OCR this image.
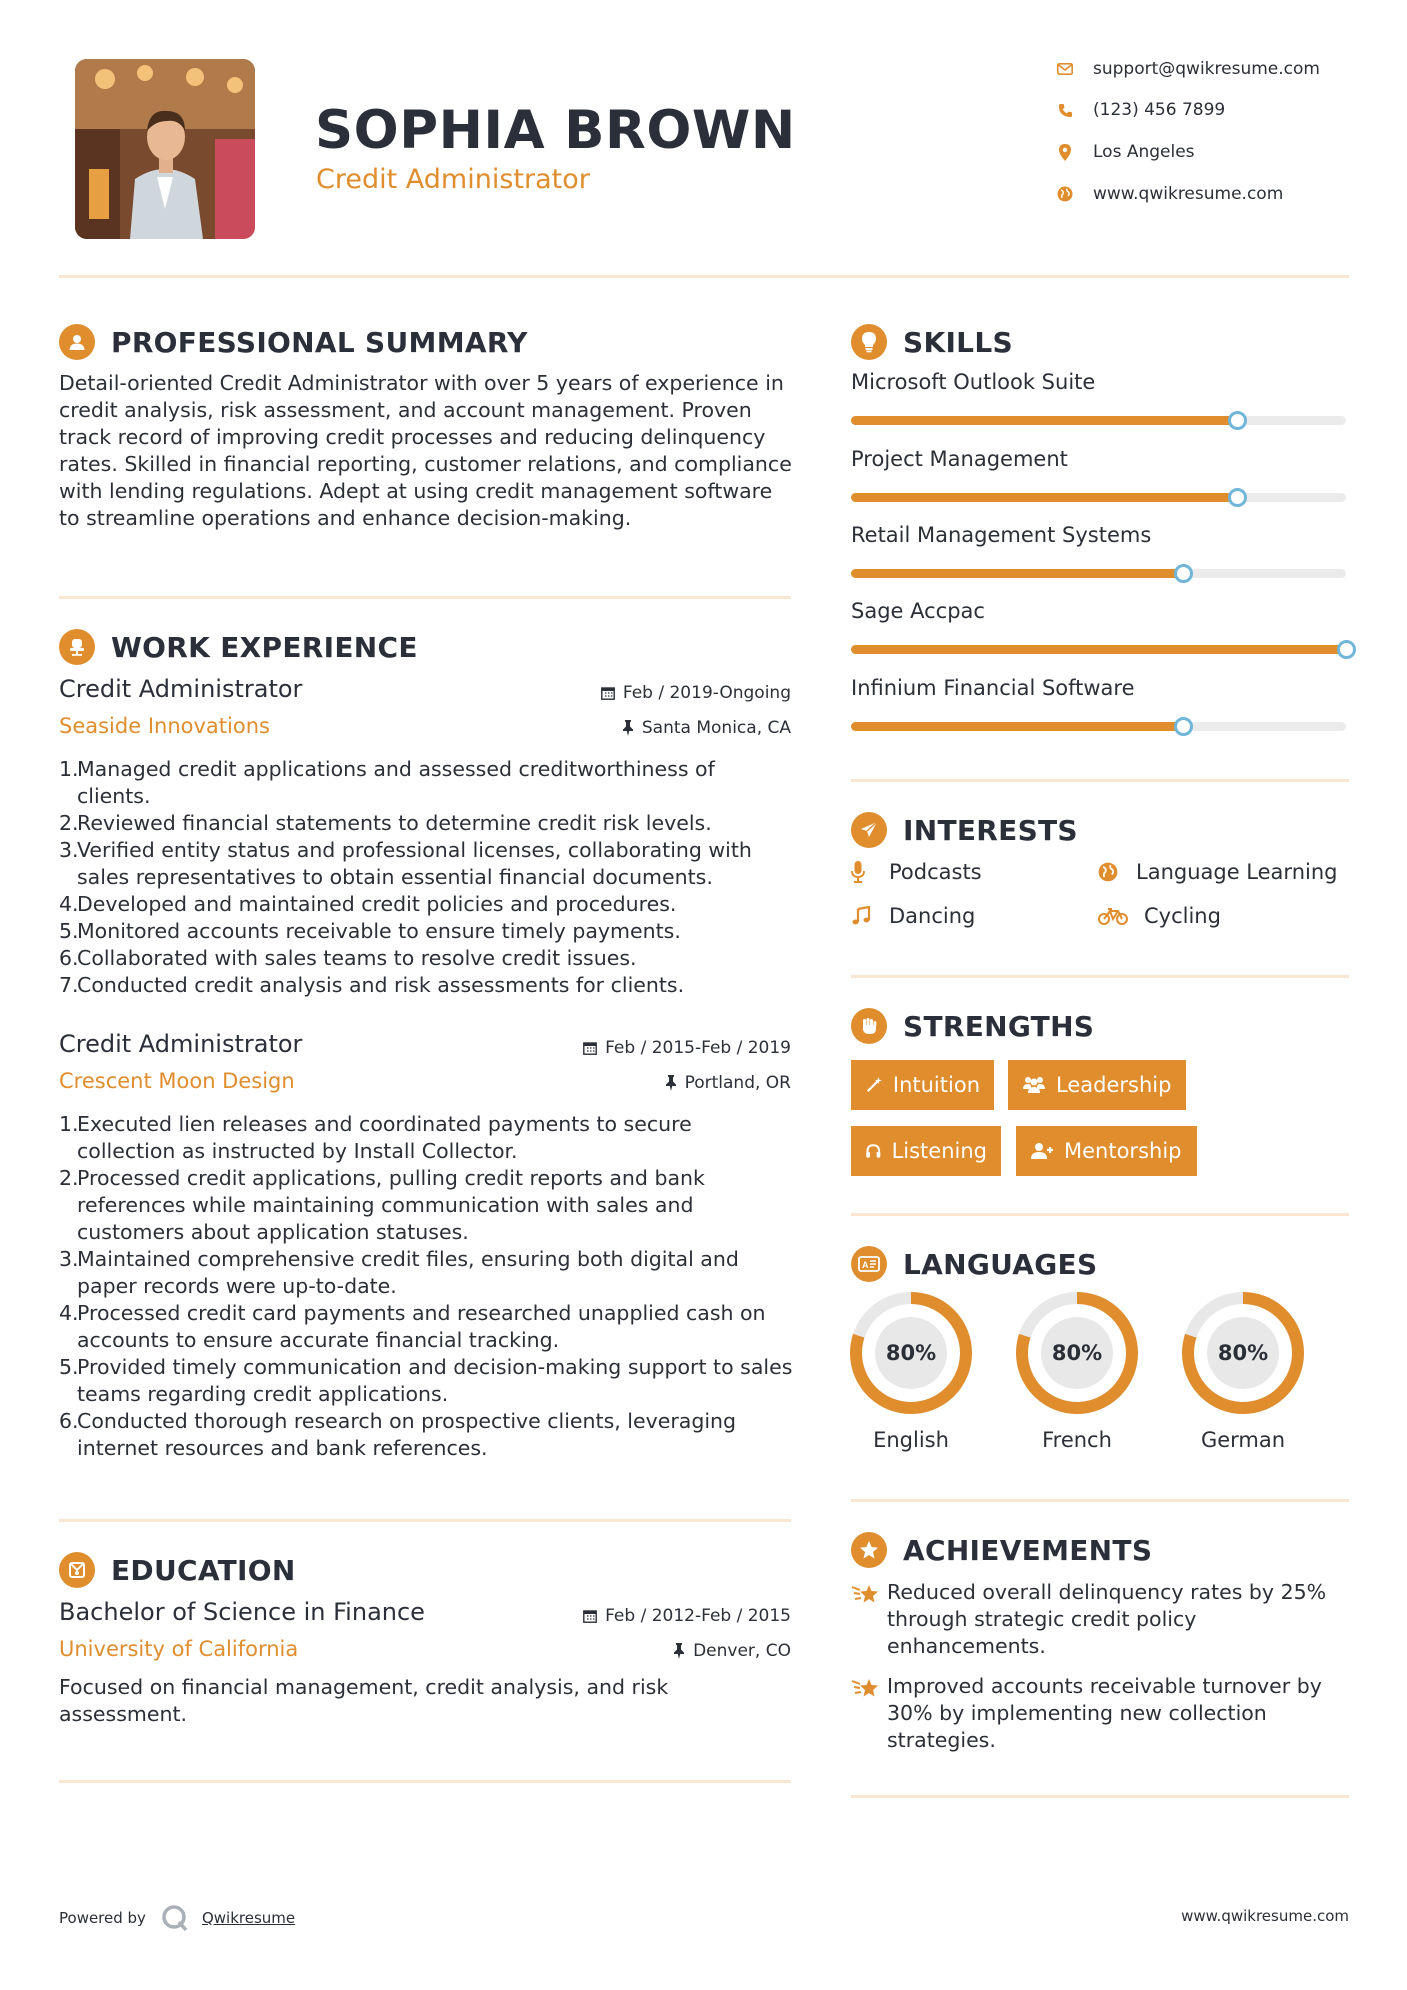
SOPHIA BROWN
Credit Administrator
support@qwikresume.com
(123) 456 7899
Los Angeles
www.qwikresume.com
PROFESSIONAL SUMMARY
Detail-oriented Credit Administrator with over 5 years of experience in credit analysis, risk assessment, and account management. Proven track record of improving credit processes and reducing delinquency rates. Skilled in financial reporting, customer relations, and compliance with lending regulations. Adept at using credit management software to streamline operations and enhance decision-making.
WORK EXPERIENCE
Credit Administrator	Feb / 2019-Ongoing
Seaside Innovations	Santa Monica, CA
1.
Managed credit applications and assessed creditworthiness of clients.
2.
Reviewed financial statements to determine credit risk levels.
3.
Verified entity status and professional licenses, collaborating with sales representatives to obtain essential financial documents.
4.
Developed and maintained credit policies and procedures.
5.
Monitored accounts receivable to ensure timely payments.
6.
Collaborated with sales teams to resolve credit issues.
7.
Conducted credit analysis and risk assessments for clients.
Credit Administrator	Feb / 2015-Feb / 2019
Crescent Moon Design	Portland, OR
1.
Executed lien releases and coordinated payments to secure collection as instructed by Install Collector.
2.
Processed credit applications, pulling credit reports and bank references while maintaining communication with sales and customers about application statuses.
3.
Maintained comprehensive credit files, ensuring both digital and paper records were up-to-date.
4.
Processed credit card payments and researched unapplied cash on accounts to ensure accurate financial tracking.
5.
Provided timely communication and decision-making support to sales teams regarding credit applications.
6.
Conducted thorough research on prospective clients, leveraging internet resources and bank references.
EDUCATION
Bachelor of Science in Finance	Feb / 2012-Feb / 2015
University of California	Denver, CO
Focused on financial management, credit analysis, and risk assessment.
SKILLS
Microsoft Outlook Suite
Project Management
Retail Management Systems
Sage Accpac
Infinium Financial Software
INTERESTS
Podcasts	Language Learning
Dancing	Cycling
STRENGTHS
Intuition	Leadership
Listening	Mentorship
A LANGUAGES
80%
English
80%
French
80%
German
ACHIEVEMENTS
Reduced overall delinquency rates by 25% through strategic credit policy enhancements.
Improved accounts receivable turnover by 30% by implementing new collection strategies.
Powered by	Qwikresume	www.qwikresume.com
